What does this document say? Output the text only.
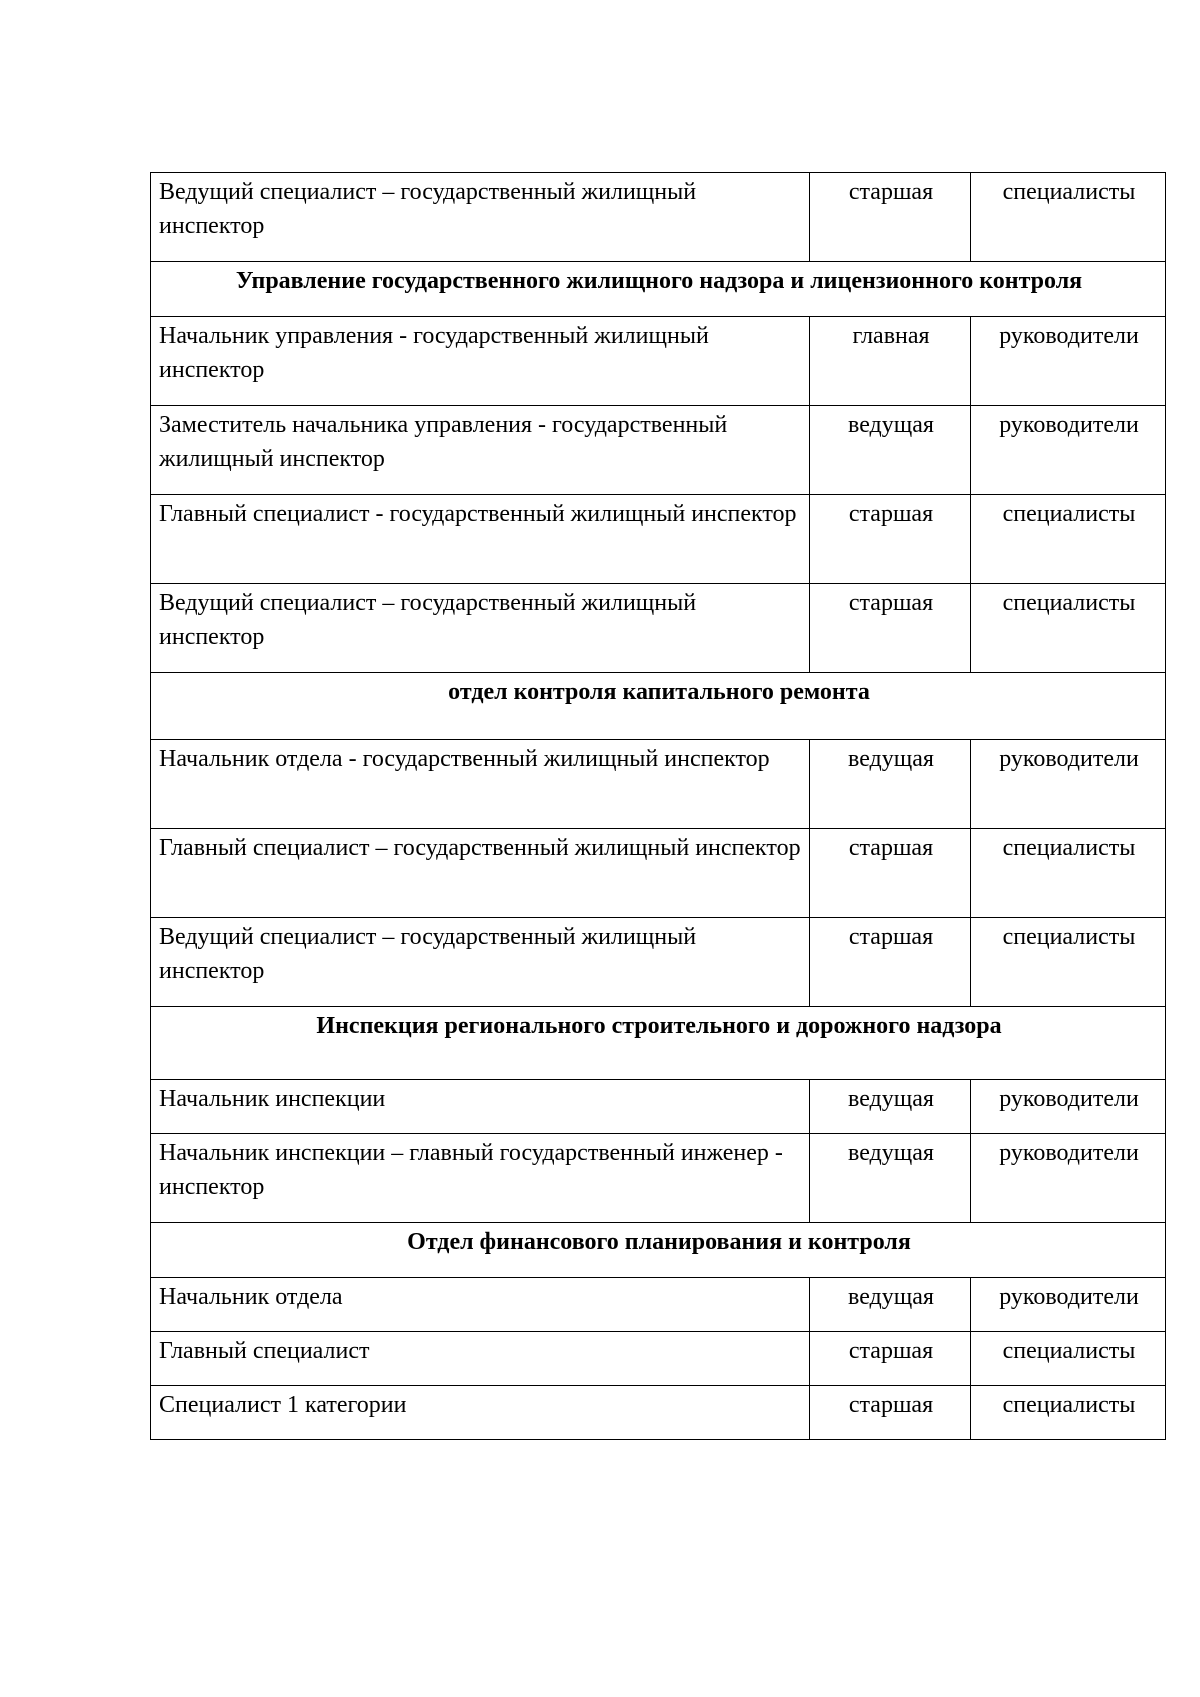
Ведущий специалист – государственный жилищный инспектор	старшая	специалисты
Управление государственного жилищного надзора и лицензионного контроля		
Начальник управления - государственный жилищный инспектор	главная	руководители
Заместитель начальника управления - государственный жилищный инспектор	ведущая	руководители
Главный специалист - государственный жилищный инспектор	старшая	специалисты
Ведущий специалист – государственный жилищный инспектор	старшая	специалисты
отдел контроля капитального ремонта		
Начальник отдела - государственный жилищный инспектор	ведущая	руководители
Главный специалист – государственный жилищный инспектор	старшая	специалисты
Ведущий специалист – государственный жилищный инспектор	старшая	специалисты
Инспекция регионального строительного и дорожного надзора		
Начальник инспекции	ведущая	руководители
Начальник инспекции – главный государственный инженер - инспектор	ведущая	руководители
Отдел финансового планирования и контроля		
Начальник отдела	ведущая	руководители
Главный специалист	старшая	специалисты
Специалист 1 категории	старшая	специалисты
